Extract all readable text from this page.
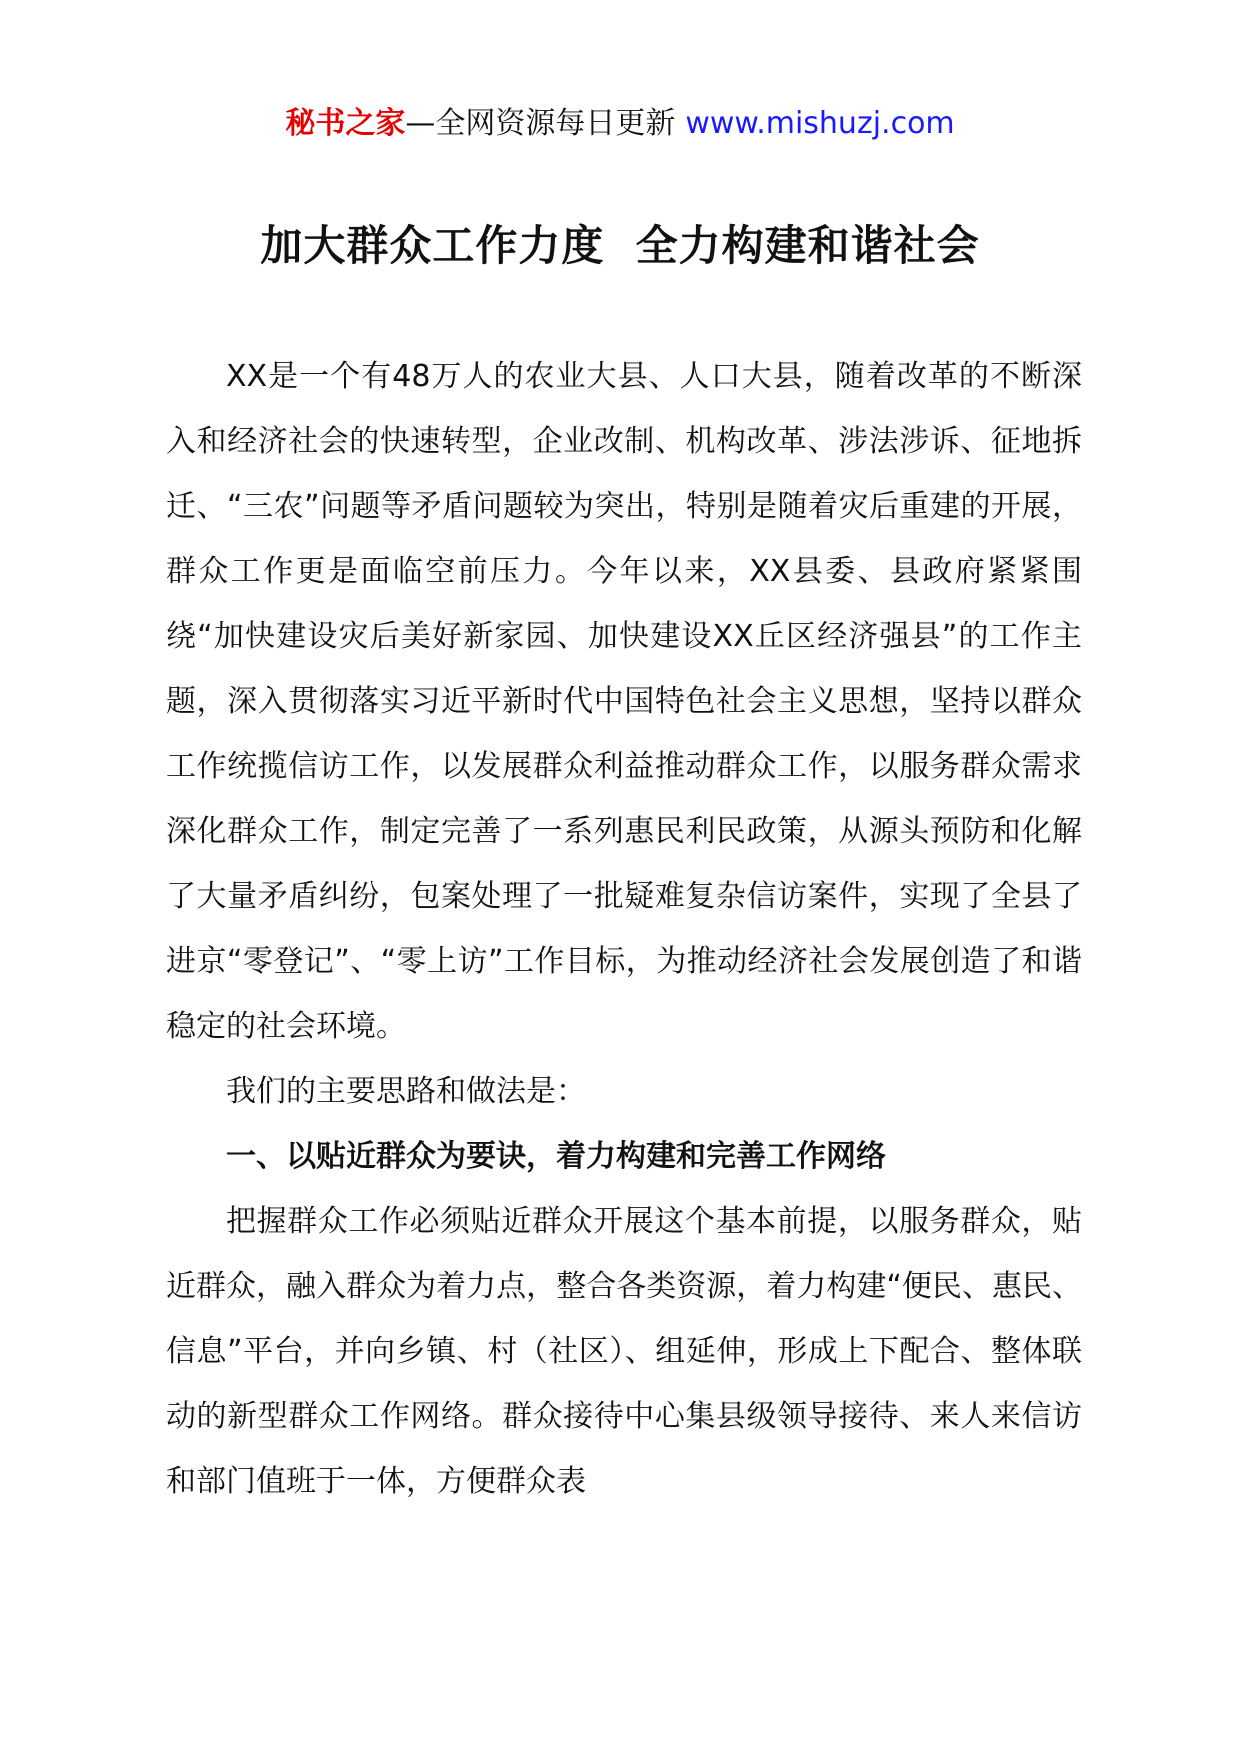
秘书之家—全网资源每日更新 www.mishuzj.com
加大群众工作力度  全力构建和谐社会

XX是一个有48万人的农业大县、人口大县，随着改革的不断深入和经济社会的快速转型，企业改制、机构改革、涉法涉诉、征地拆迁、“三农”问题等矛盾问题较为突出，特别是随着灾后重建的开展，群众工作更是面临空前压力。今年以来，XX县委、县政府紧紧围绕“加快建设灾后美好新家园、加快建设XX丘区经济强县”的工作主题，深入贯彻落实习近平新时代中国特色社会主义思想，坚持以群众工作统揽信访工作，以发展群众利益推动群众工作，以服务群众需求深化群众工作，制定完善了一系列惠民利民政策，从源头预防和化解了大量矛盾纠纷，包案处理了一批疑难复杂信访案件，实现了全县了进京“零登记”、“零上访”工作目标，为推动经济社会发展创造了和谐稳定的社会环境。

我们的主要思路和做法是：

一、以贴近群众为要诀，着力构建和完善工作网络

把握群众工作必须贴近群众开展这个基本前提，以服务群众，贴近群众，融入群众为着力点，整合各类资源，着力构建“便民、惠民、信息”平台，并向乡镇、村（社区）、组延伸，形成上下配合、整体联动的新型群众工作网络。群众接待中心集县级领导接待、来人来信访和部门值班于一体，方便群众表
